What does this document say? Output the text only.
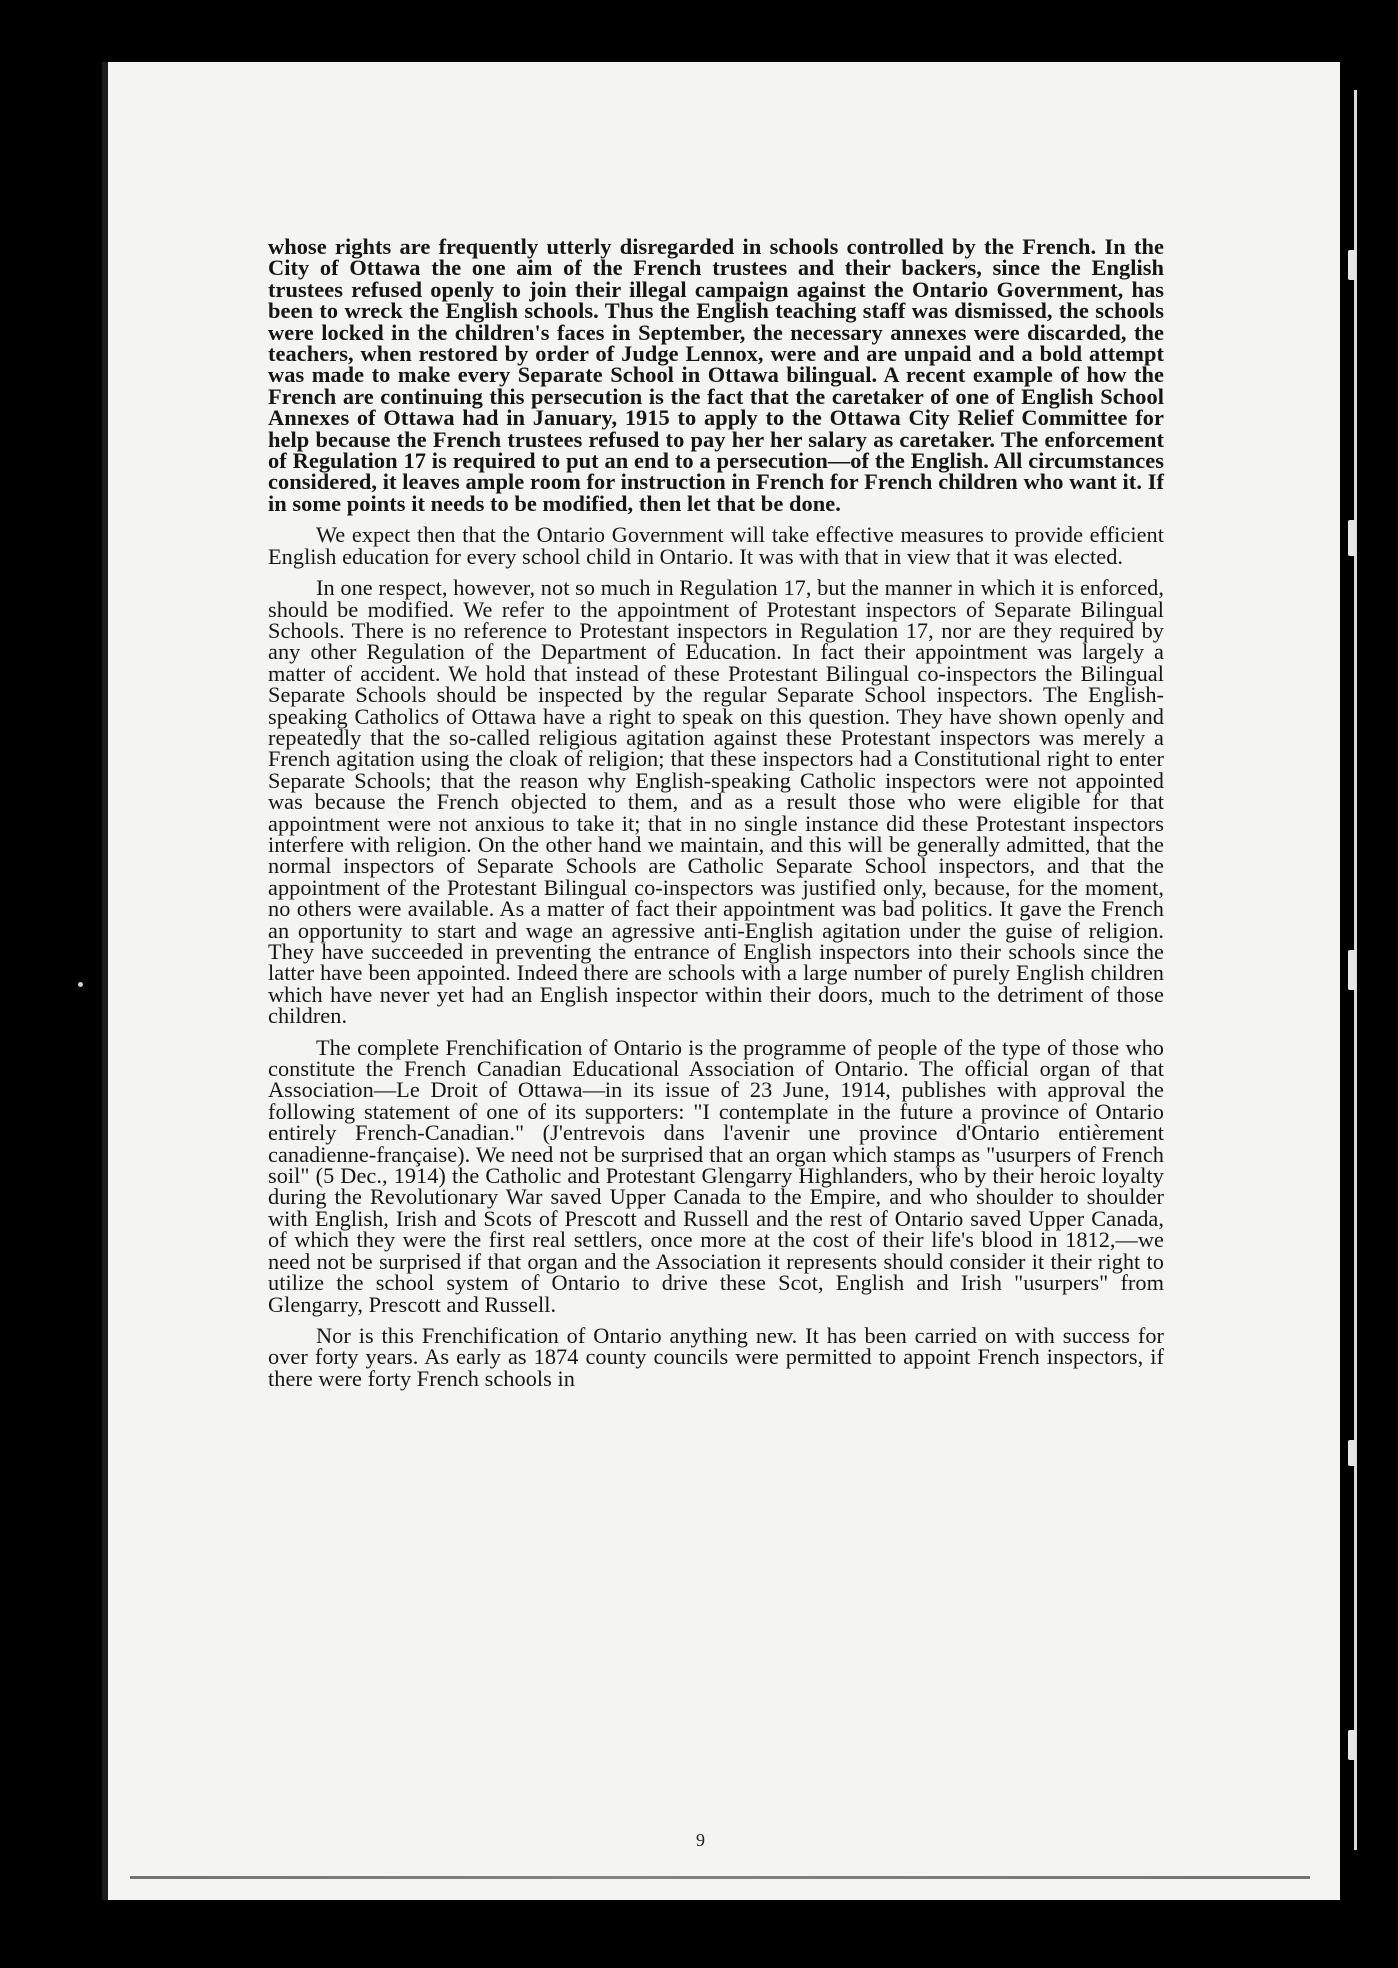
whose rights are frequently utterly disregarded in schools controlled by the French. In the City of Ottawa the one aim of the French trustees and their backers, since the English trustees refused openly to join their illegal campaign against the Ontario Government, has been to wreck the English schools. Thus the English teaching staff was dismissed, the schools were locked in the children's faces in September, the necessary annexes were discarded, the teachers, when restored by order of Judge Lennox, were and are unpaid and a bold attempt was made to make every Separate School in Ottawa bilingual. A recent example of how the French are continuing this persecution is the fact that the caretaker of one of English School Annexes of Ottawa had in January, 1915 to apply to the Ottawa City Relief Committee for help because the French trustees refused to pay her her salary as caretaker. The enforcement of Regulation 17 is required to put an end to a persecution—of the English. All circumstances considered, it leaves ample room for instruction in French for French children who want it. If in some points it needs to be modified, then let that be done.

We expect then that the Ontario Government will take effective measures to provide efficient English education for every school child in Ontario. It was with that in view that it was elected.

In one respect, however, not so much in Regulation 17, but the manner in which it is enforced, should be modified. We refer to the appointment of Protestant inspectors of Separate Bilingual Schools. There is no reference to Protestant inspectors in Regulation 17, nor are they required by any other Regulation of the Department of Education. In fact their appointment was largely a matter of accident. We hold that instead of these Protestant Bilingual co-inspectors the Bilingual Separate Schools should be inspected by the regular Separate School inspectors. The English-speaking Catholics of Ottawa have a right to speak on this question. They have shown openly and repeatedly that the so-called religious agitation against these Protestant inspectors was merely a French agitation using the cloak of religion; that these inspectors had a Constitutional right to enter Separate Schools; that the reason why English-speaking Catholic inspectors were not appointed was because the French objected to them, and as a result those who were eligible for that appointment were not anxious to take it; that in no single instance did these Protestant inspectors interfere with religion. On the other hand we maintain, and this will be generally admitted, that the normal inspectors of Separate Schools are Catholic Separate School inspectors, and that the appointment of the Protestant Bilingual co-inspectors was justified only, because, for the moment, no others were available. As a matter of fact their appointment was bad politics. It gave the French an opportunity to start and wage an agressive anti-English agitation under the guise of religion. They have succeeded in preventing the entrance of English inspectors into their schools since the latter have been appointed. Indeed there are schools with a large number of purely English children which have never yet had an English inspector within their doors, much to the detriment of those children.

The complete Frenchification of Ontario is the programme of people of the type of those who constitute the French Canadian Educational Association of Ontario. The official organ of that Association—Le Droit of Ottawa—in its issue of 23 June, 1914, publishes with approval the following statement of one of its supporters: "I contemplate in the future a province of Ontario entirely French-Canadian." (J'entrevois dans l'avenir une province d'Ontario entièrement canadienne-française). We need not be surprised that an organ which stamps as "usurpers of French soil" (5 Dec., 1914) the Catholic and Protestant Glengarry Highlanders, who by their heroic loyalty during the Revolutionary War saved Upper Canada to the Empire, and who shoulder to shoulder with English, Irish and Scots of Prescott and Russell and the rest of Ontario saved Upper Canada, of which they were the first real settlers, once more at the cost of their life's blood in 1812,—we need not be surprised if that organ and the Association it represents should consider it their right to utilize the school system of Ontario to drive these Scot, English and Irish "usurpers" from Glengarry, Prescott and Russell.

Nor is this Frenchification of Ontario anything new. It has been carried on with success for over forty years. As early as 1874 county councils were permitted to appoint French inspectors, if there were forty French schools in

9
